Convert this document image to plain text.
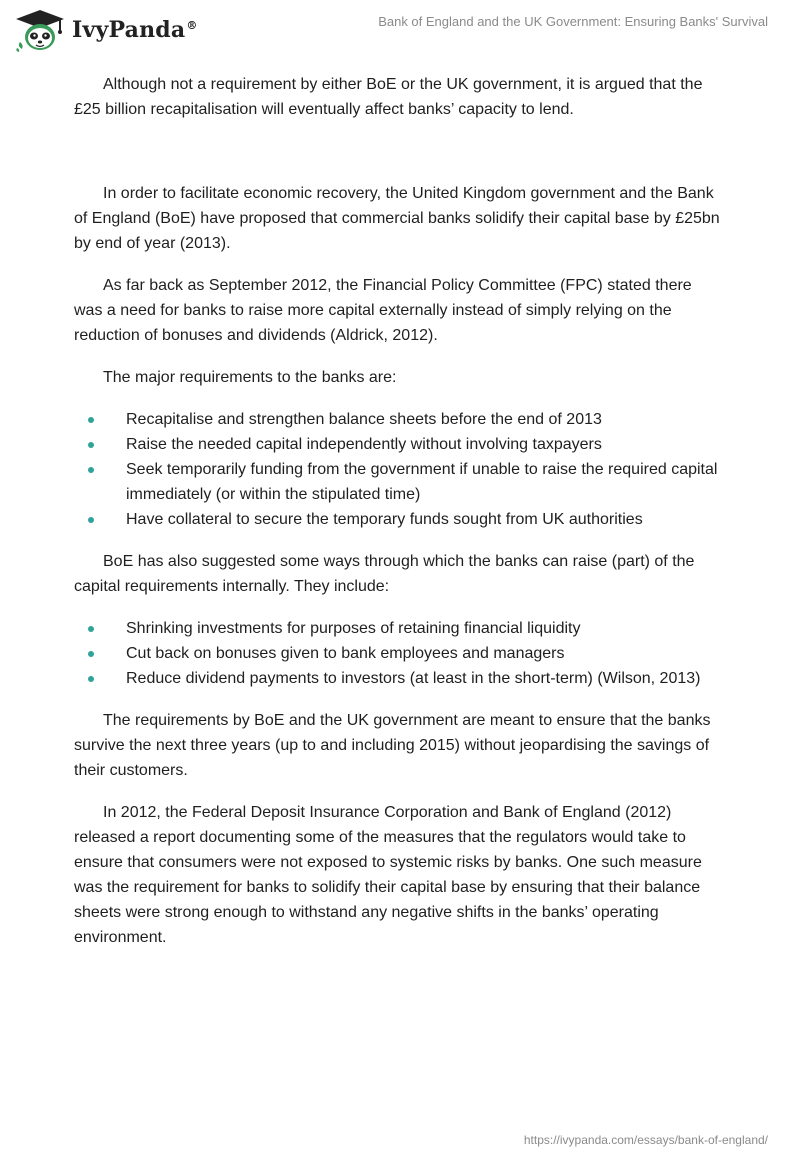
IvyPanda®	Bank of England and the UK Government: Ensuring Banks' Survival

Although not a requirement by either BoE or the UK government, it is argued that the £25 billion recapitalisation will eventually affect banks’ capacity to lend.

In order to facilitate economic recovery, the United Kingdom government and the Bank of England (BoE) have proposed that commercial banks solidify their capital base by £25bn by end of year (2013).

As far back as September 2012, the Financial Policy Committee (FPC) stated there was a need for banks to raise more capital externally instead of simply relying on the reduction of bonuses and dividends (Aldrick, 2012).

The major requirements to the banks are:

Recapitalise and strengthen balance sheets before the end of 2013
Raise the needed capital independently without involving taxpayers
Seek temporarily funding from the government if unable to raise the required capital immediately (or within the stipulated time)
Have collateral to secure the temporary funds sought from UK authorities

BoE has also suggested some ways through which the banks can raise (part) of the capital requirements internally. They include:

Shrinking investments for purposes of retaining financial liquidity
Cut back on bonuses given to bank employees and managers
Reduce dividend payments to investors (at least in the short-term) (Wilson, 2013)

The requirements by BoE and the UK government are meant to ensure that the banks survive the next three years (up to and including 2015) without jeopardising the savings of their customers.

In 2012, the Federal Deposit Insurance Corporation and Bank of England (2012) released a report documenting some of the measures that the regulators would take to ensure that consumers were not exposed to systemic risks by banks. One such measure was the requirement for banks to solidify their capital base by ensuring that their balance sheets were strong enough to withstand any negative shifts in the banks’ operating environment.

https://ivypanda.com/essays/bank-of-england/
